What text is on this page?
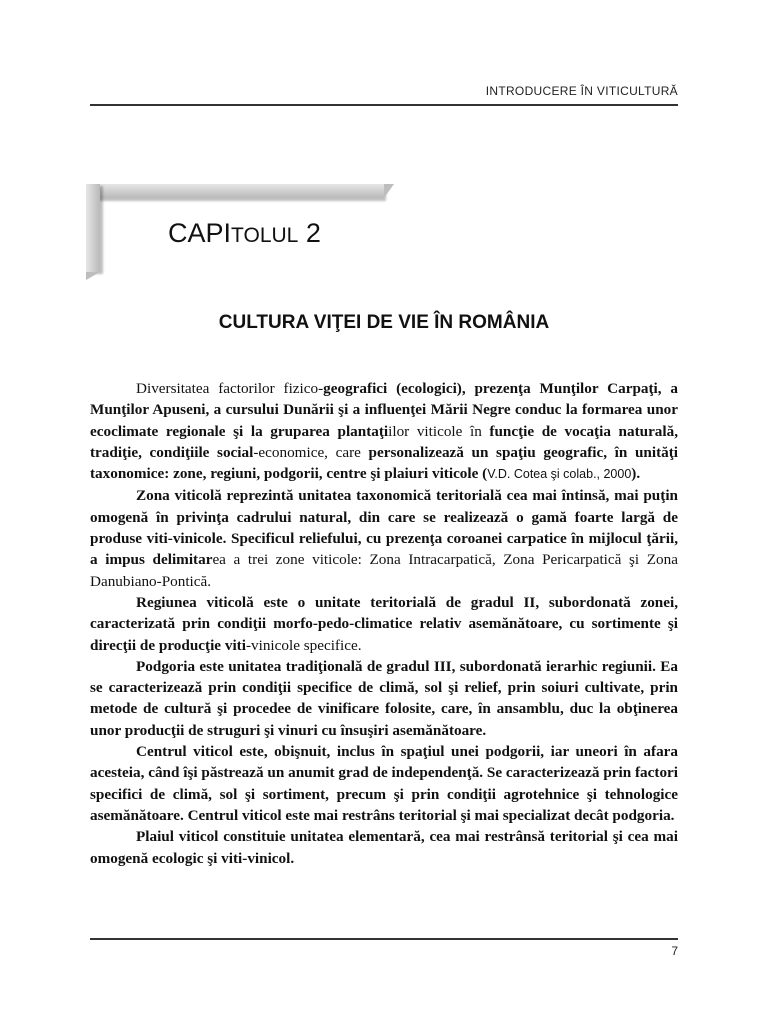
INTRODUCERE ÎN VITICULTURĂ
CAPITOLUL 2
CULTURA VIŢEI DE VIE ÎN ROMÂNIA

Diversitatea factorilor fizico-geografici (ecologici), prezenţa Munţilor Carpaţi, a Munţilor Apuseni, a cursului Dunării şi a influenţei Mării Negre conduc la formarea unor ecoclimate regionale şi la gruparea plantaţiilor viticole în funcţie de vocaţia naturală, tradiţie, condiţiile social-economice, care personalizează un spaţiu geografic, în unităţi taxonomice: zone, regiuni, podgorii, centre şi plaiuri viticole (V.D. Cotea şi colab., 2000).

Zona viticolă reprezintă unitatea taxonomică teritorială cea mai întinsă, mai puţin omogenă în privinţa cadrului natural, din care se realizează o gamă foarte largă de produse viti-vinicole. Specificul reliefului, cu prezenţa coroanei carpatice în mijlocul ţării, a impus delimitarea a trei zone viticole: Zona Intracarpatică, Zona Pericarpatică şi Zona Danubiano-Pontică.

Regiunea viticolă este o unitate teritorială de gradul II, subordonată zonei, caracterizată prin condiţii morfo-pedo-climatice relativ asemănătoare, cu sortimente şi direcţii de producţie viti-vinicole specifice.

Podgoria este unitatea tradiţională de gradul III, subordonată ierarhic regiunii. Ea se caracterizează prin condiţii specifice de climă, sol şi relief, prin soiuri cultivate, prin metode de cultură şi procedee de vinificare folosite, care, în ansamblu, duc la obţinerea unor producţii de struguri şi vinuri cu însuşiri asemănătoare.

Centrul viticol este, obişnuit, inclus în spaţiul unei podgorii, iar uneori în afara acesteia, când îşi păstrează un anumit grad de independenţă. Se caracterizează prin factori specifici de climă, sol şi sortiment, precum şi prin condiţii agrotehnice şi tehnologice asemănătoare. Centrul viticol este mai restrâns teritorial şi mai specializat decât podgoria.

Plaiul viticol constituie unitatea elementară, cea mai restrânsă teritorial şi cea mai omogenă ecologic şi viti-vinicol.

7
